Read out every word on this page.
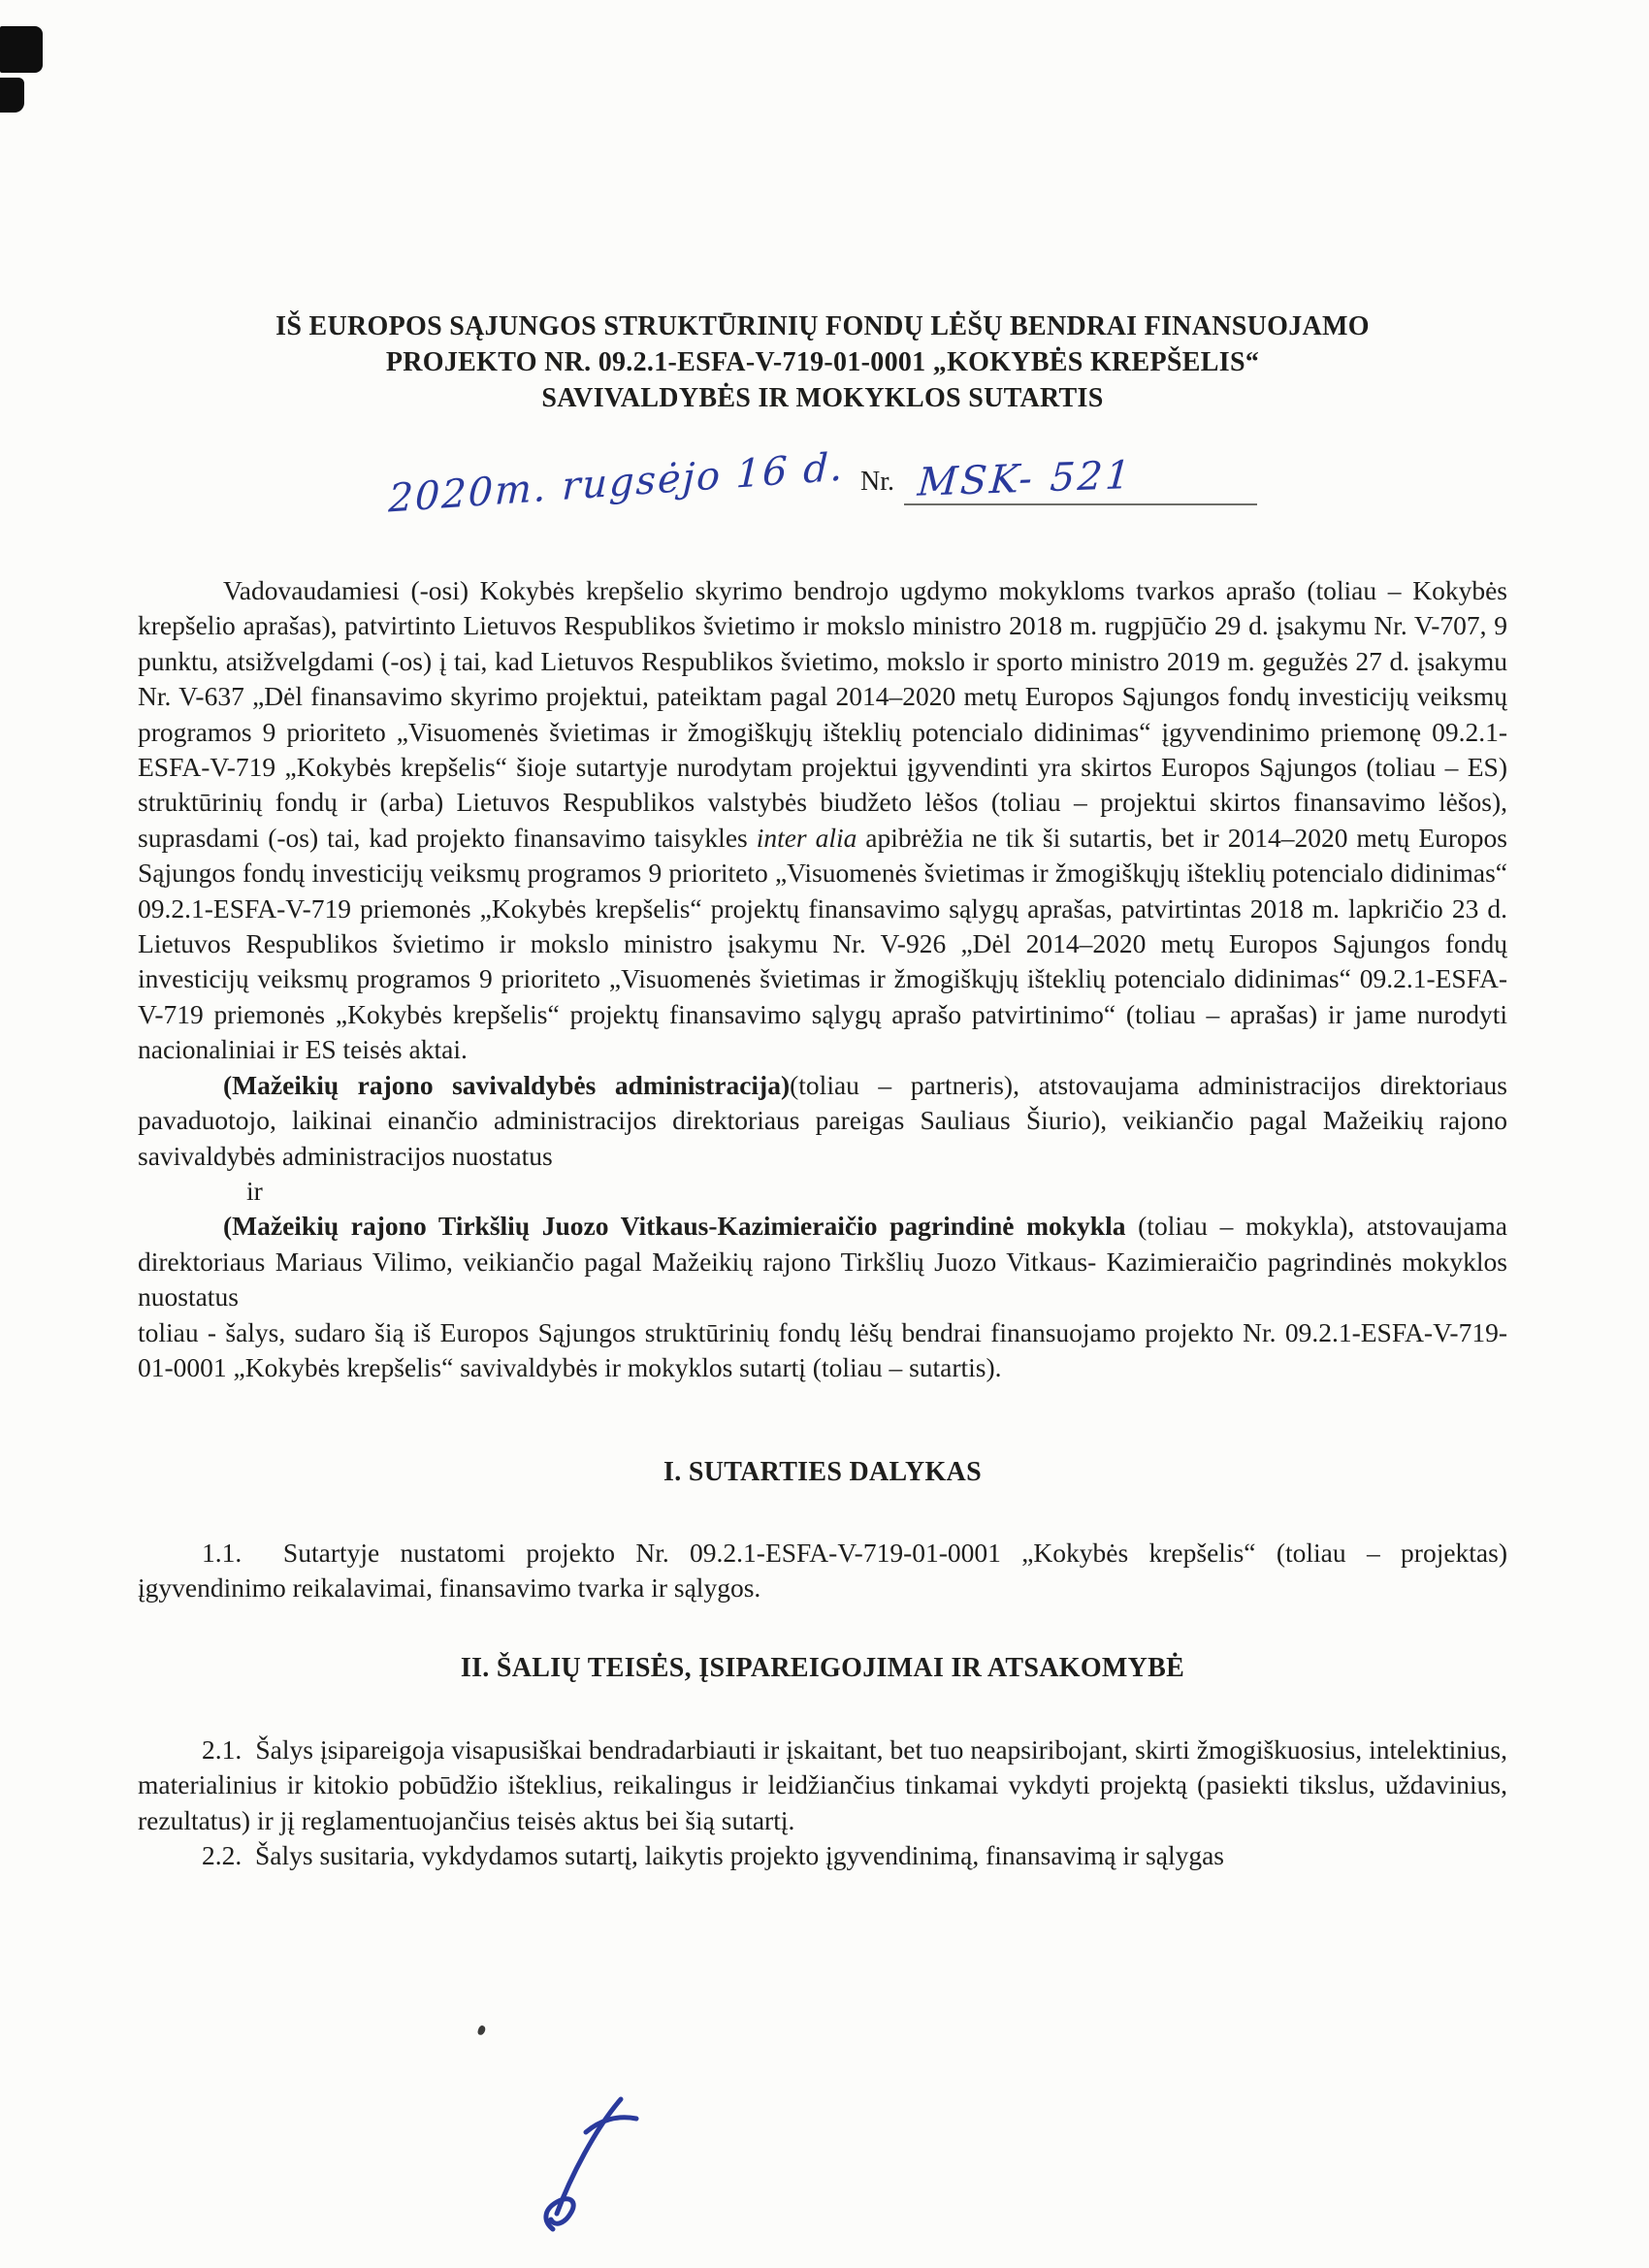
IŠ EUROPOS SĄJUNGOS STRUKTŪRINIŲ FONDŲ LĖŠŲ BENDRAI FINANSUOJAMO
PROJEKTO NR. 09.2.1-ESFA-V-719-01-0001 „KOKYBĖS KREPŠELIS“
SAVIVALDYBĖS IR MOKYKLOS SUTARTIS
2020m. rugsėjo 16 d. Nr. MSK- 521

Vadovaudamiesi (-osi) Kokybės krepšelio skyrimo bendrojo ugdymo mokykloms tvarkos aprašo (toliau – Kokybės krepšelio aprašas), patvirtinto Lietuvos Respublikos švietimo ir mokslo ministro 2018 m. rugpjūčio 29 d. įsakymu Nr. V-707, 9 punktu, atsižvelgdami (-os) į tai, kad Lietuvos Respublikos švietimo, mokslo ir sporto ministro 2019 m. gegužės 27 d. įsakymu Nr. V-637 „Dėl finansavimo skyrimo projektui, pateiktam pagal 2014–2020 metų Europos Sąjungos fondų investicijų veiksmų programos 9 prioriteto „Visuomenės švietimas ir žmogiškųjų išteklių potencialo didinimas“ įgyvendinimo priemonę 09.2.1-ESFA-V-719 „Kokybės krepšelis“ šioje sutartyje nurodytam projektui įgyvendinti yra skirtos Europos Sąjungos (toliau – ES) struktūrinių fondų ir (arba) Lietuvos Respublikos valstybės biudžeto lėšos (toliau – projektui skirtos finansavimo lėšos), suprasdami (-os) tai, kad projekto finansavimo taisykles inter alia apibrėžia ne tik ši sutartis, bet ir 2014–2020 metų Europos Sąjungos fondų investicijų veiksmų programos 9 prioriteto „Visuomenės švietimas ir žmogiškųjų išteklių potencialo didinimas“ 09.2.1-ESFA-V-719 priemonės „Kokybės krepšelis“ projektų finansavimo sąlygų aprašas, patvirtintas 2018 m. lapkričio 23 d. Lietuvos Respublikos švietimo ir mokslo ministro įsakymu Nr. V-926 „Dėl 2014–2020 metų Europos Sąjungos fondų investicijų veiksmų programos 9 prioriteto „Visuomenės švietimas ir žmogiškųjų išteklių potencialo didinimas“ 09.2.1-ESFA-V-719 priemonės „Kokybės krepšelis“ projektų finansavimo sąlygų aprašo patvirtinimo“ (toliau – aprašas) ir jame nurodyti nacionaliniai ir ES teisės aktai.

(Mažeikių rajono savivaldybės administracija)(toliau – partneris), atstovaujama administracijos direktoriaus pavaduotojo, laikinai einančio administracijos direktoriaus pareigas Sauliaus Šiurio), veikiančio pagal Mažeikių rajono savivaldybės administracijos nuostatus

ir

(Mažeikių rajono Tirkšlių Juozo Vitkaus-Kazimieraičio pagrindinė mokykla (toliau – mokykla), atstovaujama direktoriaus Mariaus Vilimo, veikiančio pagal Mažeikių rajono Tirkšlių Juozo Vitkaus- Kazimieraičio pagrindinės mokyklos nuostatus

toliau - šalys, sudaro šią iš Europos Sąjungos struktūrinių fondų lėšų bendrai finansuojamo projekto Nr. 09.2.1-ESFA-V-719-01-0001 „Kokybės krepšelis“ savivaldybės ir mokyklos sutartį (toliau – sutartis).

I. SUTARTIES DALYKAS

1.1.  Sutartyje nustatomi projekto Nr. 09.2.1-ESFA-V-719-01-0001 „Kokybės krepšelis“ (toliau – projektas) įgyvendinimo reikalavimai, finansavimo tvarka ir sąlygos.

II. ŠALIŲ TEISĖS, ĮSIPAREIGOJIMAI IR ATSAKOMYBĖ

2.1.  Šalys įsipareigoja visapusiškai bendradarbiauti ir įskaitant, bet tuo neapsiribojant, skirti žmogiškuosius, intelektinius, materialinius ir kitokio pobūdžio išteklius, reikalingus ir leidžiančius tinkamai vykdyti projektą (pasiekti tikslus, uždavinius, rezultatus) ir jį reglamentuojančius teisės aktus bei šią sutartį.

2.2.  Šalys susitaria, vykdydamos sutartį, laikytis projekto įgyvendinimą, finansavimą ir sąlygas
